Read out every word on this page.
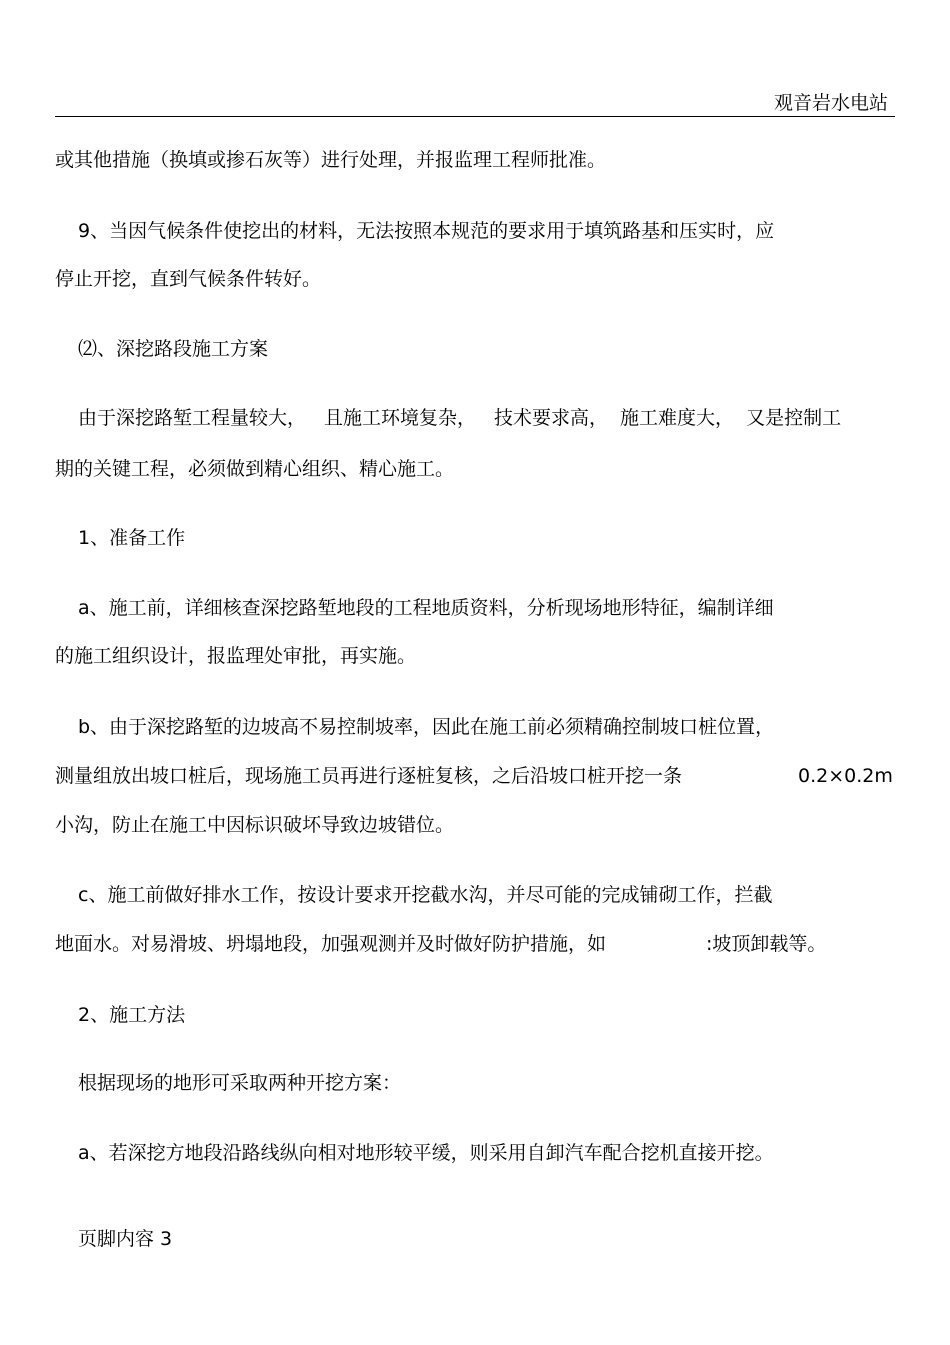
观音岩水电站
或其他措施（换填或掺石灰等）进行处理，并报监理工程师批准。
9、当因气候条件使挖出的材料，无法按照本规范的要求用于填筑路基和压实时，应
停止开挖，直到气候条件转好。
⑵、深挖路段施工方案
由于深挖路堑工程量较大， 且施工环境复杂， 技术要求高， 施工难度大， 又是控制工
期的关键工程，必须做到精心组织、精心施工。
1、准备工作
a、施工前，详细核查深挖路堑地段的工程地质资料，分析现场地形特征，编制详细
的施工组织设计，报监理处审批，再实施。
b、由于深挖路堑的边坡高不易控制坡率，因此在施工前必须精确控制坡口桩位置，
测量组放出坡口桩后，现场施工员再进行逐桩复核，之后沿坡口桩开挖一条	0.2×0.2m
小沟，防止在施工中因标识破坏导致边坡错位。
c、施工前做好排水工作，按设计要求开挖截水沟，并尽可能的完成铺砌工作，拦截
地面水。对易滑坡、坍塌地段，加强观测并及时做好防护措施，如	:坡顶卸载等。
2、施工方法
根据现场的地形可采取两种开挖方案：
a、若深挖方地段沿路线纵向相对地形较平缓，则采用自卸汽车配合挖机直接开挖。
页脚内容 3
